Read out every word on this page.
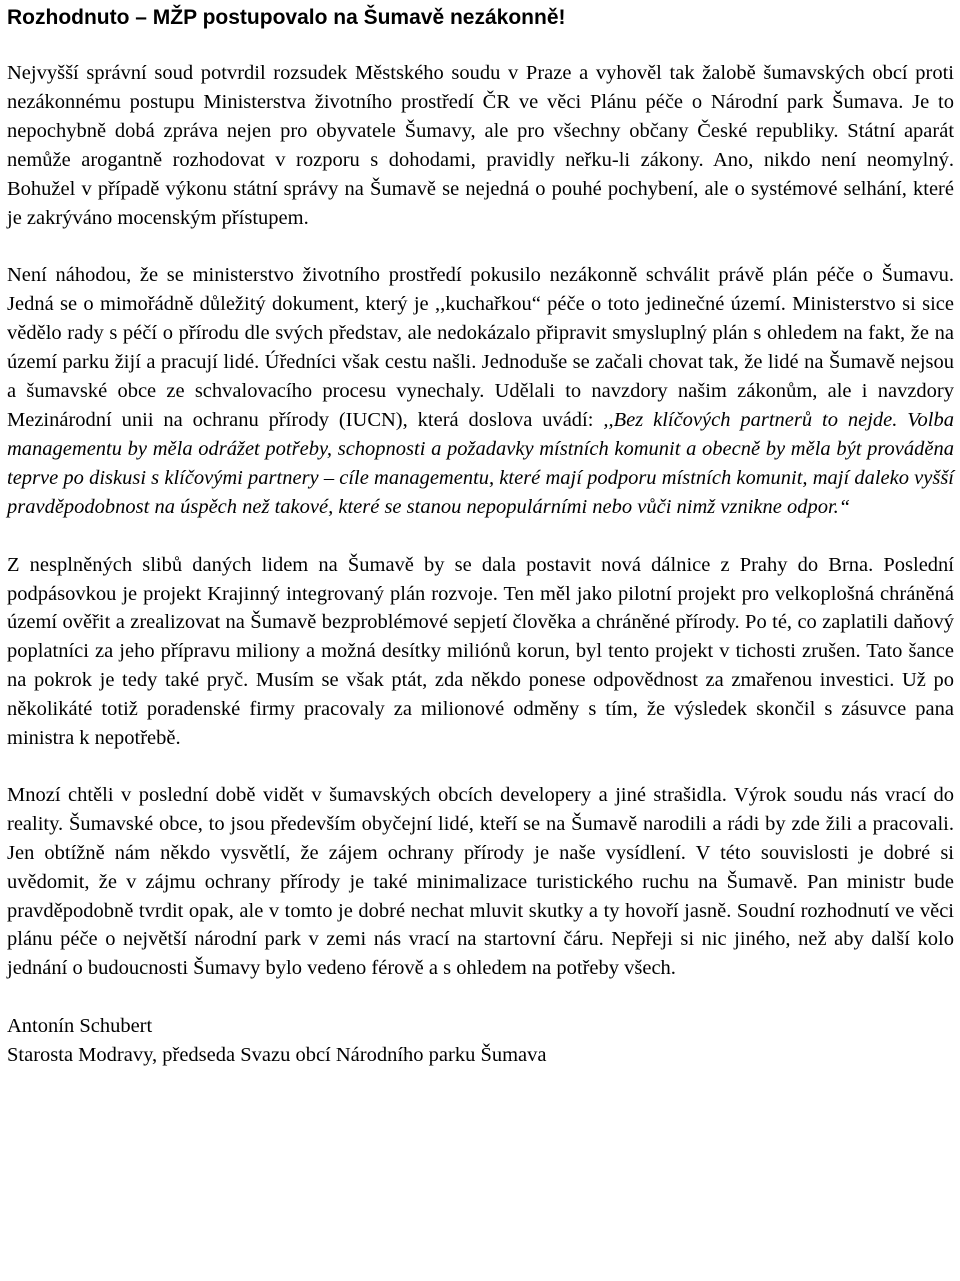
Rozhodnuto – MŽP postupovalo na Šumavě nezákonně!

Nejvyšší správní soud potvrdil rozsudek Městského soudu v Praze a vyhověl tak žalobě šumavských obcí proti nezákonnému postupu Ministerstva životního prostředí ČR ve věci Plánu péče o Národní park Šumava. Je to nepochybně dobá zpráva nejen pro obyvatele Šumavy, ale pro všechny občany České republiky. Státní aparát nemůže arogantně rozhodovat v rozporu s dohodami, pravidly neřku-li zákony. Ano, nikdo není neomylný. Bohužel v případě výkonu státní správy na Šumavě se nejedná o pouhé pochybení, ale o systémové selhání, které je zakrýváno mocenským přístupem.

Není náhodou, že se ministerstvo životního prostředí pokusilo nezákonně schválit právě plán péče o Šumavu. Jedná se o mimořádně důležitý dokument, který je ,,kuchařkou“ péče o toto jedinečné území. Ministerstvo si sice vědělo rady s péčí o přírodu dle svých představ, ale nedokázalo připravit smysluplný plán s ohledem na fakt, že na území parku žijí a pracují lidé. Úředníci však cestu našli. Jednoduše se začali chovat tak, že lidé na Šumavě nejsou a šumavské obce ze schvalovacího procesu vynechaly. Udělali to navzdory našim zákonům, ale i navzdory Mezinárodní unii na ochranu přírody (IUCN), která doslova uvádí: ,,Bez klíčových partnerů to nejde. Volba managementu by měla odrážet potřeby, schopnosti a požadavky místních komunit a obecně by měla být prováděna teprve po diskusi s klíčovými partnery – cíle managementu, které mají podporu místních komunit, mají daleko vyšší pravděpodobnost na úspěch než takové, které se stanou nepopulárními nebo vůči nimž vznikne odpor.“

Z nesplněných slibů daných lidem na Šumavě by se dala postavit nová dálnice z Prahy do Brna. Poslední podpásovkou je projekt Krajinný integrovaný plán rozvoje. Ten měl jako pilotní projekt pro velkoplošná chráněná území ověřit a zrealizovat na Šumavě bezproblémové sepjetí člověka a chráněné přírody. Po té, co zaplatili daňový poplatníci za jeho přípravu miliony a možná desítky miliónů korun, byl tento projekt v tichosti zrušen. Tato šance na pokrok je tedy také pryč. Musím se však ptát, zda někdo ponese odpovědnost za zmařenou investici. Už po několikáté totiž poradenské firmy pracovaly za milionové odměny s tím, že výsledek skončil s zásuvce pana ministra k nepotřebě.

Mnozí chtěli v poslední době vidět v šumavských obcích developery a jiné strašidla. Výrok soudu nás vrací do reality. Šumavské obce, to jsou především obyčejní lidé, kteří se na Šumavě narodili a rádi by zde žili a pracovali. Jen obtížně nám někdo vysvětlí, že zájem ochrany přírody je naše vysídlení. V této souvislosti je dobré si uvědomit, že v zájmu ochrany přírody je také minimalizace turistického ruchu na Šumavě. Pan ministr bude pravděpodobně tvrdit opak, ale v tomto je dobré nechat mluvit skutky a ty hovoří jasně. Soudní rozhodnutí ve věci plánu péče o největší národní park v zemi nás vrací na startovní čáru. Nepřeji si nic jiného, než aby další kolo jednání o budoucnosti Šumavy bylo vedeno férově a s ohledem na potřeby všech.

Antonín Schubert
Starosta Modravy, předseda Svazu obcí Národního parku Šumava
